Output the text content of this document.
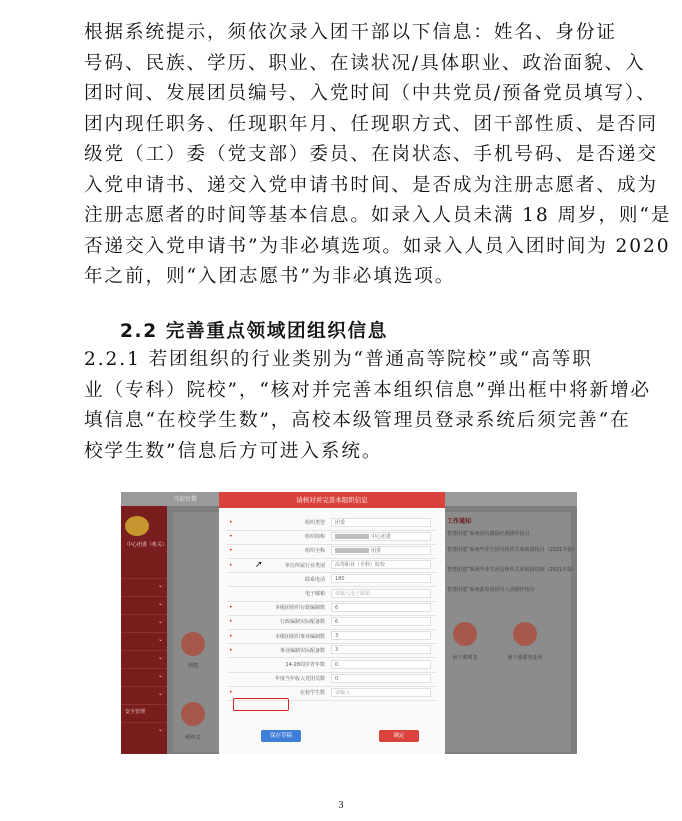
根据系统提示，须依次录入团干部以下信息：姓名、身份证
号码、民族、学历、职业、在读状况/具体职业、政治面貌、入
团时间、发展团员编号、入党时间（中共党员/预备党员填写）、
团内现任职务、任现职年月、任现职方式、团干部性质、是否同
级党（工）委（党支部）委员、在岗状态、手机号码、是否递交
入党申请书、递交入党申请书时间、是否成为注册志愿者、成为
注册志愿者的时间等基本信息。如录入人员未满 18 周岁，则“是
否递交入党申请书”为非必填选项。如录入人员入团时间为 2020
年之前，则“入团志愿书”为非必填选项。
2.2 完善重点领域团组织信息
2.2.1 若团组织的行业类别为“普通高等院校”或“高等职
业（专科）院校”，“核对并完善本组织信息”弹出框中将新增必
填信息“在校学生数”，高校本级管理员登录系统后须完善“在
校学生数”信息后方可进入系统。
当前位置
中心团委（机关）
⌄
⌄
⌄
⌄
⌄
⌄
⌄
安全管理
⌄
创建
组织关
工作通知
智慧团建”系统团内激励记载操作指引
智慧团建”系统毕业生团员组织关系转接指引（2021年版）
智慧团建”系统毕业生团员组织关系转接说明（2021年版）
智慧团建”系统新发展团员入团操作指引
团干部列表	团干部职务变更
请核对并完善本组织信息
•	组织类型	团委
•	组织简称	中心团委
•	组织全称	团委
•	单位所属行业类别	高等职业（专科）院校
联系电话	180
电子邮箱	请输入电子邮箱
•	本级团组织行政编制数	6
•	行政编制实际配备数	6
•	本级团组织事业编制数	3
•	事业编制实际配备数	3
14-28周岁青年数	0
年度当年收入党团员数	0
•	在校学生数	请输入
➚
保存草稿	确定
3
